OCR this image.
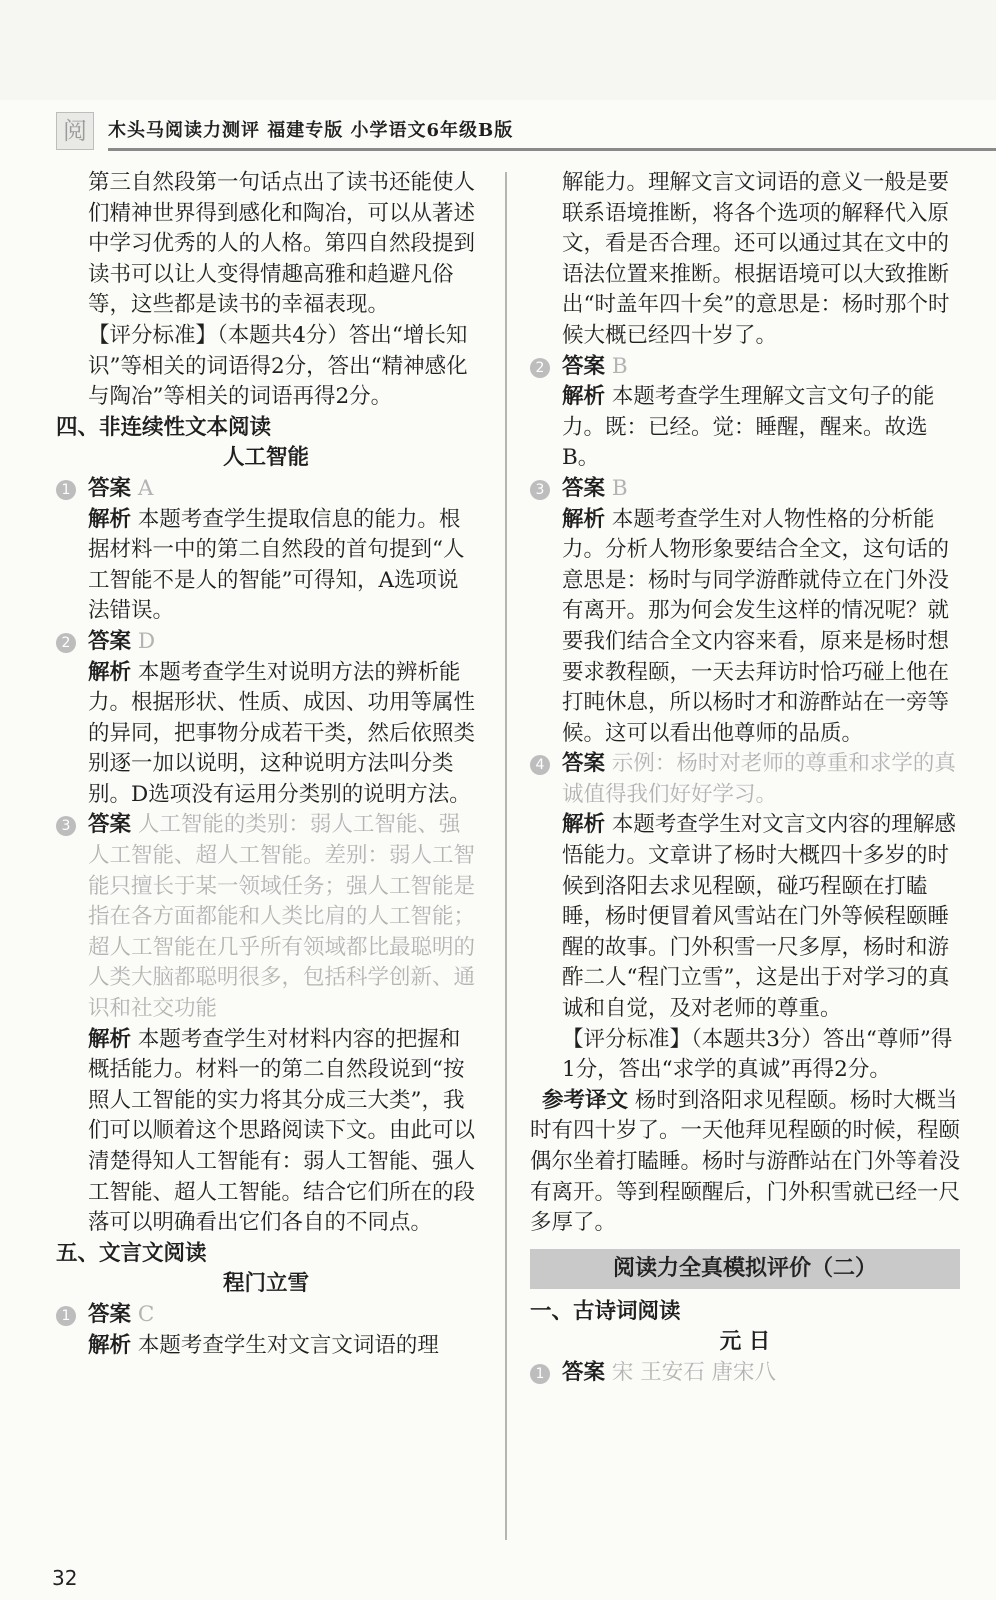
阅	木头马阅读力测评 福建专版 小学语文6年级B版

第三自然段第一句话点出了读书还能使人们精神世界得到感化和陶冶，可以从著述中学习优秀的人的人格。第四自然段提到读书可以让人变得情趣高雅和趋避凡俗等，这些都是读书的幸福表现。

【评分标准】（本题共4分）答出“增长知识”等相关的词语得2分，答出“精神感化与陶冶”等相关的词语再得2分。

四、非连续性文本阅读

人工智能

1 答案 A

解析 本题考查学生提取信息的能力。根据材料一中的第二自然段的首句提到“人工智能不是人的智能”可得知，A选项说法错误。

2 答案 D

解析 本题考查学生对说明方法的辨析能力。根据形状、性质、成因、功用等属性的异同，把事物分成若干类，然后依照类别逐一加以说明，这种说明方法叫分类别。D选项没有运用分类别的说明方法。

3 答案 人工智能的类别：弱人工智能、强人工智能、超人工智能。差别：弱人工智能只擅长于某一领域任务；强人工智能是指在各方面都能和人类比肩的人工智能；超人工智能在几乎所有领域都比最聪明的人类大脑都聪明很多，包括科学创新、通识和社交功能

解析 本题考查学生对材料内容的把握和概括能力。材料一的第二自然段说到“按照人工智能的实力将其分成三大类”，我们可以顺着这个思路阅读下文。由此可以清楚得知人工智能有：弱人工智能、强人工智能、超人工智能。结合它们所在的段落可以明确看出它们各自的不同点。

五、文言文阅读

程门立雪

1 答案 C

解析 本题考查学生对文言文词语的理

解能力。理解文言文词语的意义一般是要联系语境推断，将各个选项的解释代入原文，看是否合理。还可以通过其在文中的语法位置来推断。根据语境可以大致推断出“时盖年四十矣”的意思是：杨时那个时候大概已经四十岁了。

2 答案 B

解析 本题考查学生理解文言文句子的能力。既：已经。觉：睡醒，醒来。故选B。

3 答案 B

解析 本题考查学生对人物性格的分析能力。分析人物形象要结合全文，这句话的意思是：杨时与同学游酢就侍立在门外没有离开。那为何会发生这样的情况呢？就要我们结合全文内容来看，原来是杨时想要求教程颐，一天去拜访时恰巧碰上他在打盹休息，所以杨时才和游酢站在一旁等候。这可以看出他尊师的品质。

4 答案 示例：杨时对老师的尊重和求学的真诚值得我们好好学习。

解析 本题考查学生对文言文内容的理解感悟能力。文章讲了杨时大概四十多岁的时候到洛阳去求见程颐，碰巧程颐在打瞌睡，杨时便冒着风雪站在门外等候程颐睡醒的故事。门外积雪一尺多厚，杨时和游酢二人“程门立雪”，这是出于对学习的真诚和自觉，及对老师的尊重。

【评分标准】（本题共3分）答出“尊师”得1分，答出“求学的真诚”再得2分。

参考译文 杨时到洛阳求见程颐。杨时大概当时有四十岁了。一天他拜见程颐的时候，程颐偶尔坐着打瞌睡。杨时与游酢站在门外等着没有离开。等到程颐醒后，门外积雪就已经一尺多厚了。

阅读力全真模拟评价（二）

一、古诗词阅读

元 日

1 答案 宋 王安石 唐宋八

32
